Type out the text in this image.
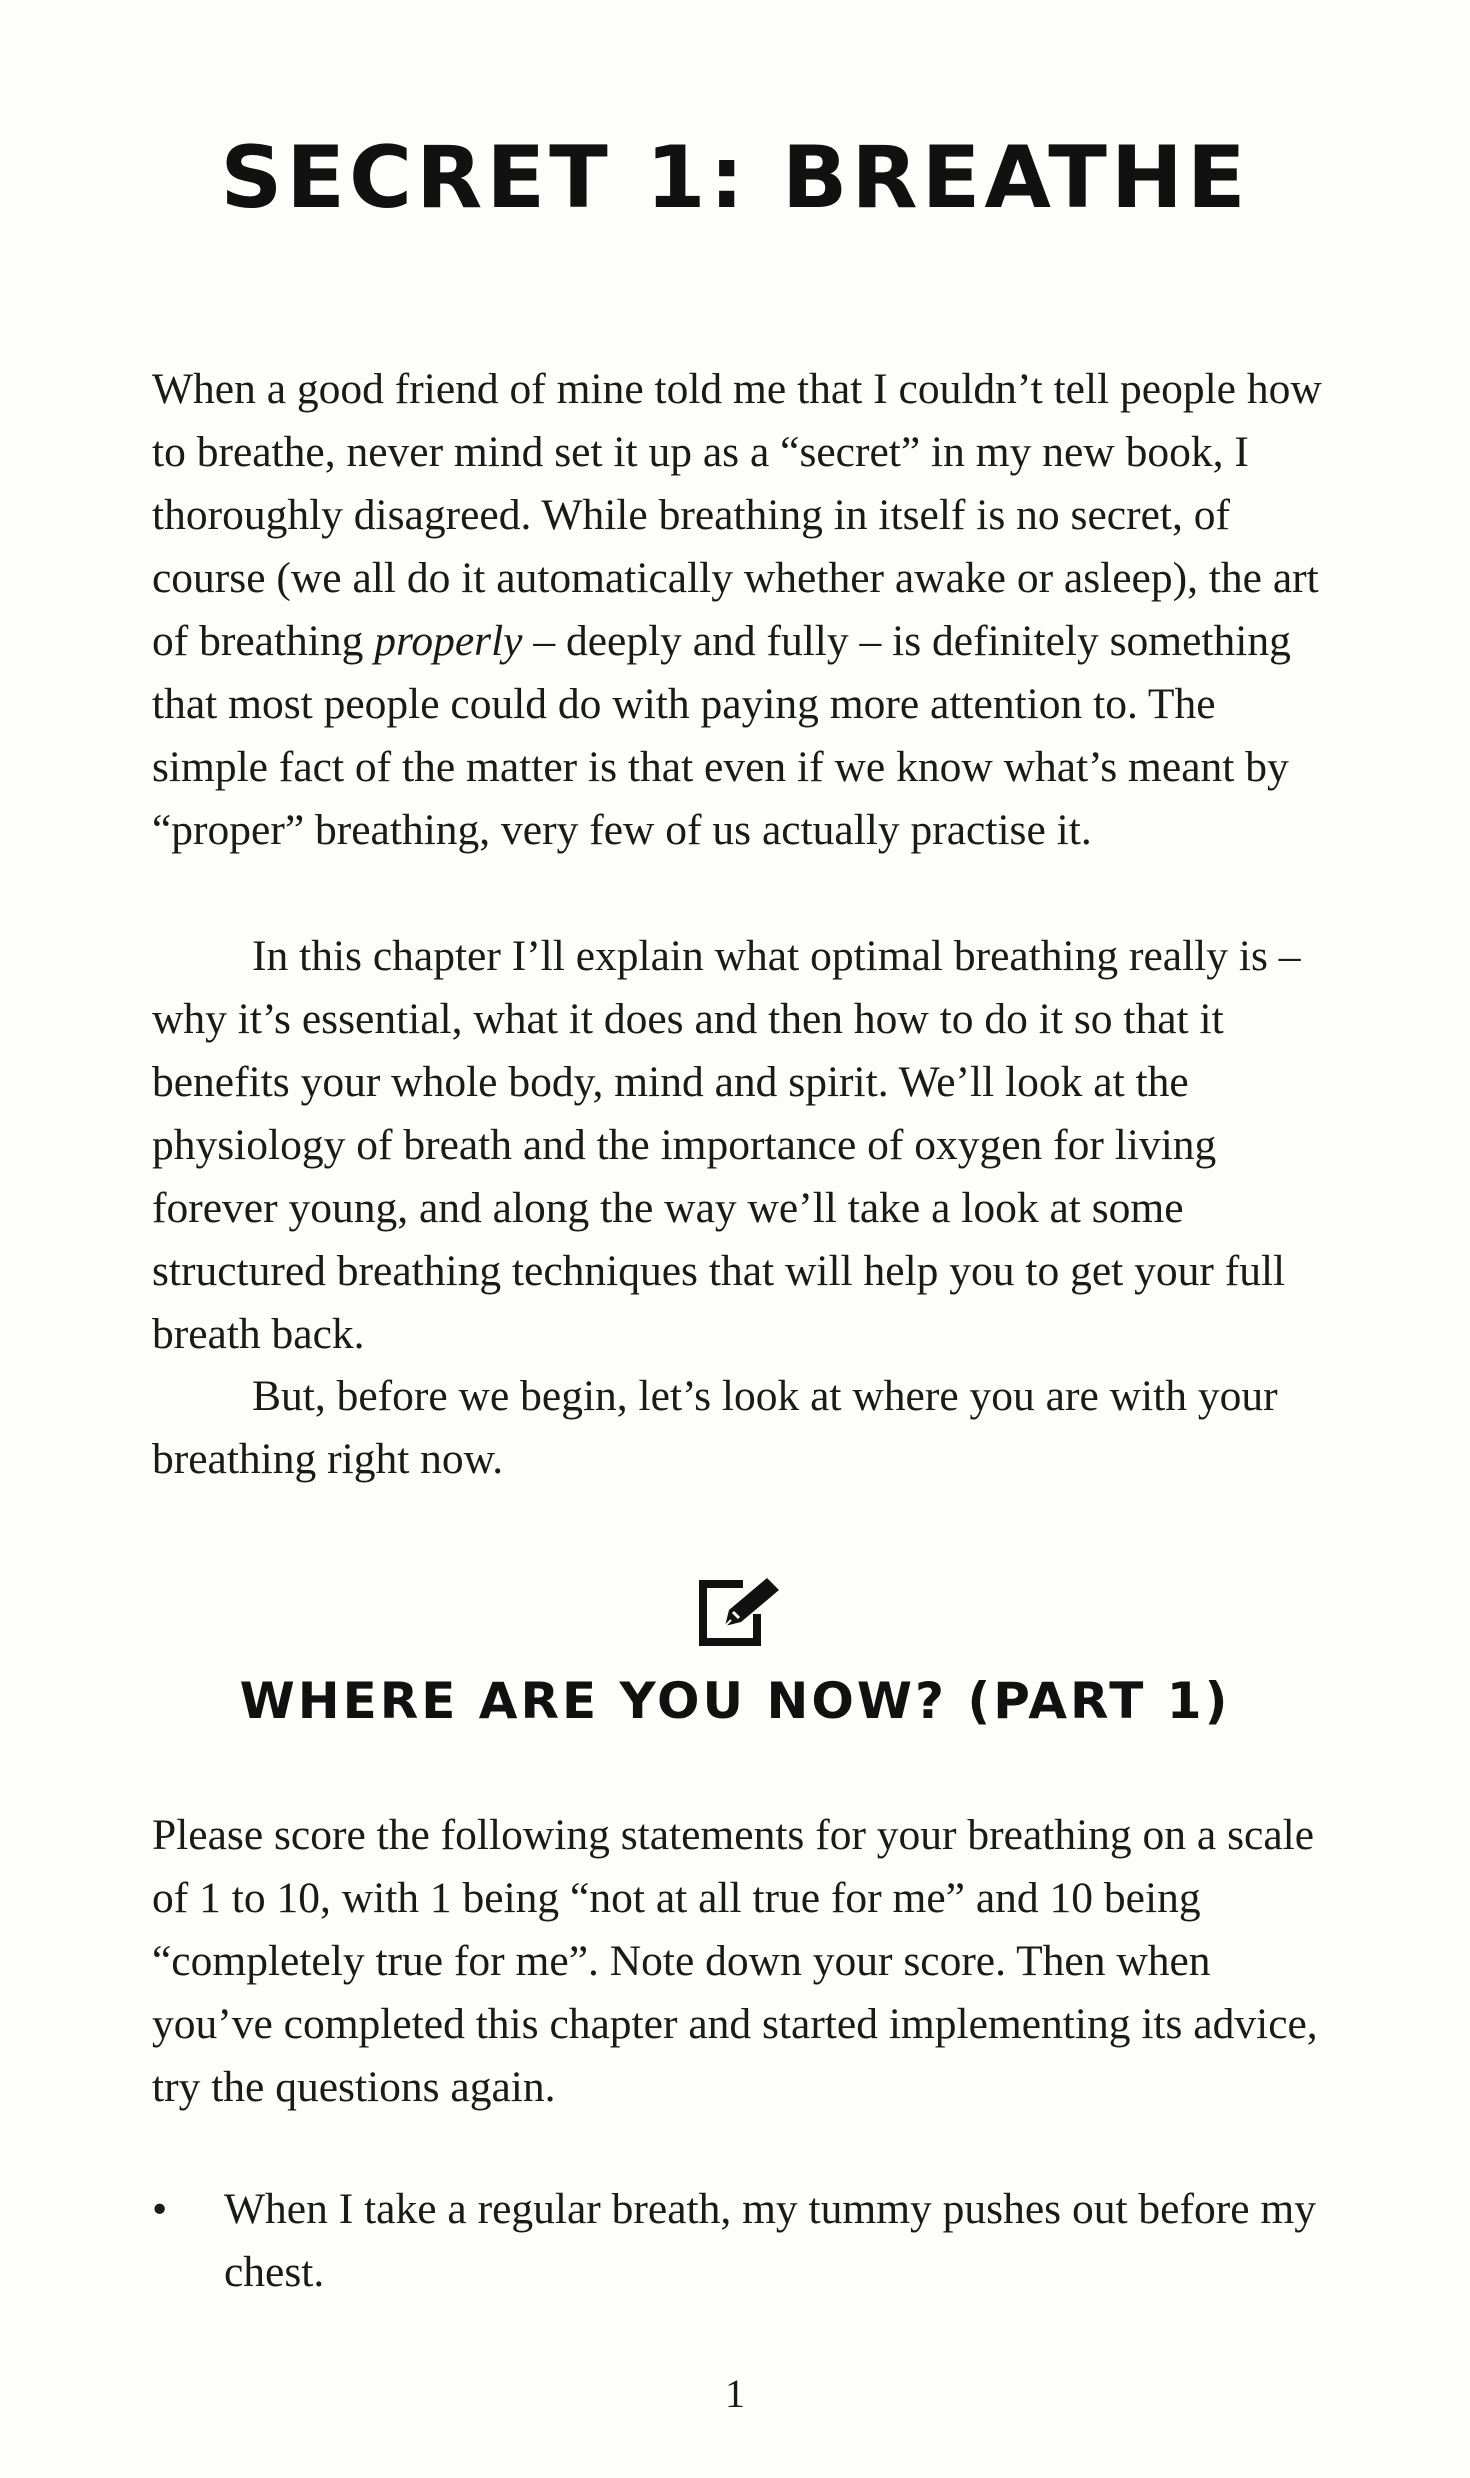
SECRET 1: BREATHE

When a good friend of mine told me that I couldn’t tell people how to breathe, never mind set it up as a “secret” in my new book, I thoroughly disagreed. While breathing in itself is no secret, of course (we all do it automatically whether awake or asleep), the art of breathing properly – deeply and fully – is definitely something that most people could do with paying more attention to. The simple fact of the matter is that even if we know what’s meant by “proper” breathing, very few of us actually practise it.

In this chapter I’ll explain what optimal breathing really is – why it’s essential, what it does and then how to do it so that it benefits your whole body, mind and spirit. We’ll look at the physiology of breath and the importance of oxygen for living forever young, and along the way we’ll take a look at some structured breathing techniques that will help you to get your full breath back.

But, before we begin, let’s look at where you are with your breathing right now.

WHERE ARE YOU NOW? (PART 1)

Please score the following statements for your breathing on a scale of 1 to 10, with 1 being “not at all true for me” and 10 being “completely true for me”. Note down your score. Then when you’ve completed this chapter and started implementing its advice, try the questions again.

• When I take a regular breath, my tummy pushes out before my chest.
1
